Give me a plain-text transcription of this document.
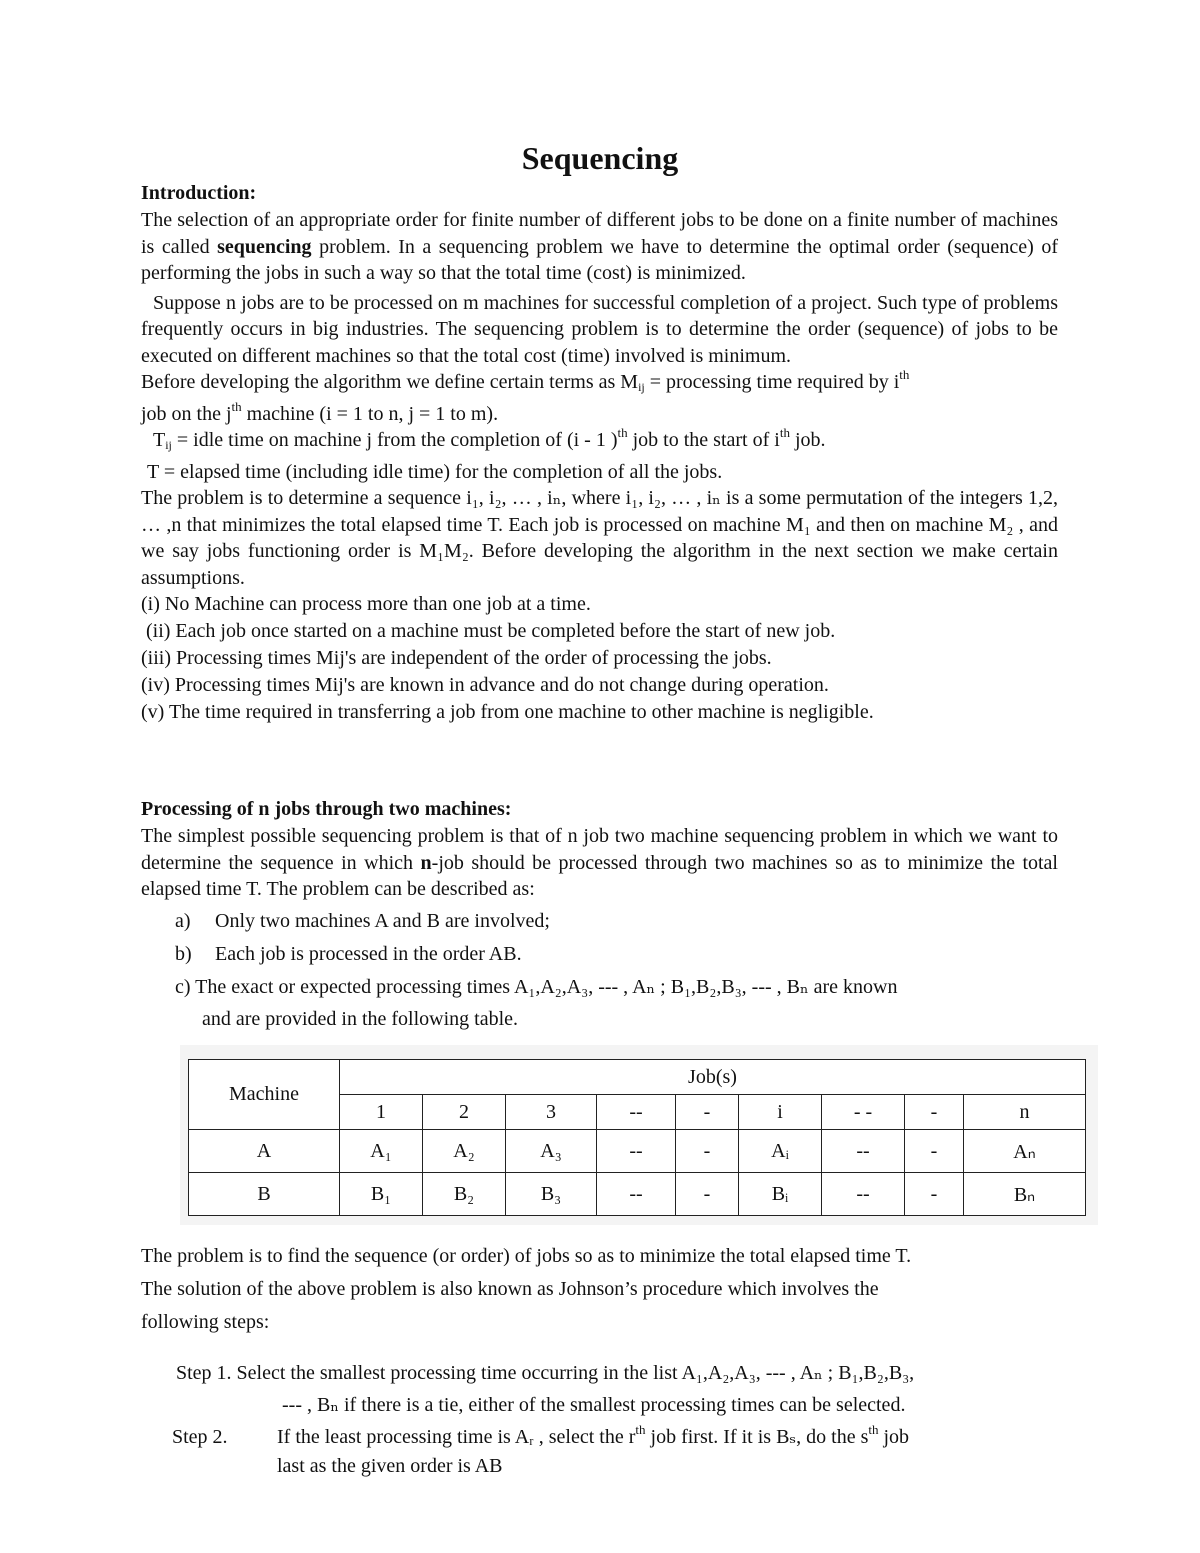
Sequencing
Introduction:

The selection of an appropriate order for finite number of different jobs to be done on a finite number of machines is called sequencing problem. In a sequencing problem we have to determine the optimal order (sequence) of performing the jobs in such a way so that the total time (cost) is minimized.

Suppose n jobs are to be processed on m machines for successful completion of a project. Such type of problems frequently occurs in big industries. The sequencing problem is to determine the order (sequence) of jobs to be executed on different machines so that the total cost (time) involved is minimum.

Before developing the algorithm we define certain terms as $M_{ij}$ = processing time required by $i^{th}$
job on the $j^{th}$ machine (i = 1 to n, j = 1 to m).

$T_{ij}$ = idle time on machine j from the completion of (i - 1 )$^{th}$ job to the start of $i^{th}$ job.

T = elapsed time (including idle time) for the completion of all the jobs.

The problem is to determine a sequence i₁, i₂, … , iₙ, where i₁, i₂, … , iₙ is a some permutation of the integers 1,2, … ,n that minimizes the total elapsed time T. Each job is processed on machine M₁ and then on machine M₂ , and we say jobs functioning order is M₁M₂. Before developing the algorithm in the next section we make certain assumptions.

(i) No Machine can process more than one job at a time.

(ii) Each job once started on a machine must be completed before the start of new job.

(iii) Processing times Mij's are independent of the order of processing the jobs.

(iv) Processing times Mij's are known in advance and do not change during operation.

(v) The time required in transferring a job from one machine to other machine is negligible.

Processing of n jobs through two machines:

The simplest possible sequencing problem is that of n job two machine sequencing problem in which we want to determine the sequence in which n-job should be processed through two machines so as to minimize the total elapsed time T. The problem can be described as:

a) Only two machines A and B are involved;

b) Each job is processed in the order AB.

c) The exact or expected processing times A₁,A₂,A₃, --- , Aₙ ; B₁,B₂,B₃, --- , Bₙ are known

and are provided in the following table.

Machine	Job(s)								
	1	2	3	--	-	i	- -	-	n
A	A₁	A₂	A₃	--	-	Aᵢ	--	-	Aₙ
B	B₁	B₂	B₃	--	-	Bᵢ	--	-	Bₙ

The problem is to find the sequence (or order) of jobs so as to minimize the total elapsed time T.

The solution of the above problem is also known as Johnson’s procedure which involves the

following steps:

Step 1. Select the smallest processing time occurring in the list A₁,A₂,A₃, --- , Aₙ ; B₁,B₂,B₃,

--- , Bₙ if there is a tie, either of the smallest processing times can be selected.

Step 2. If the least processing time is Aᵣ , select the $r^{th}$ job first. If it is Bₛ, do the $s^{th}$ job

last as the given order is AB
